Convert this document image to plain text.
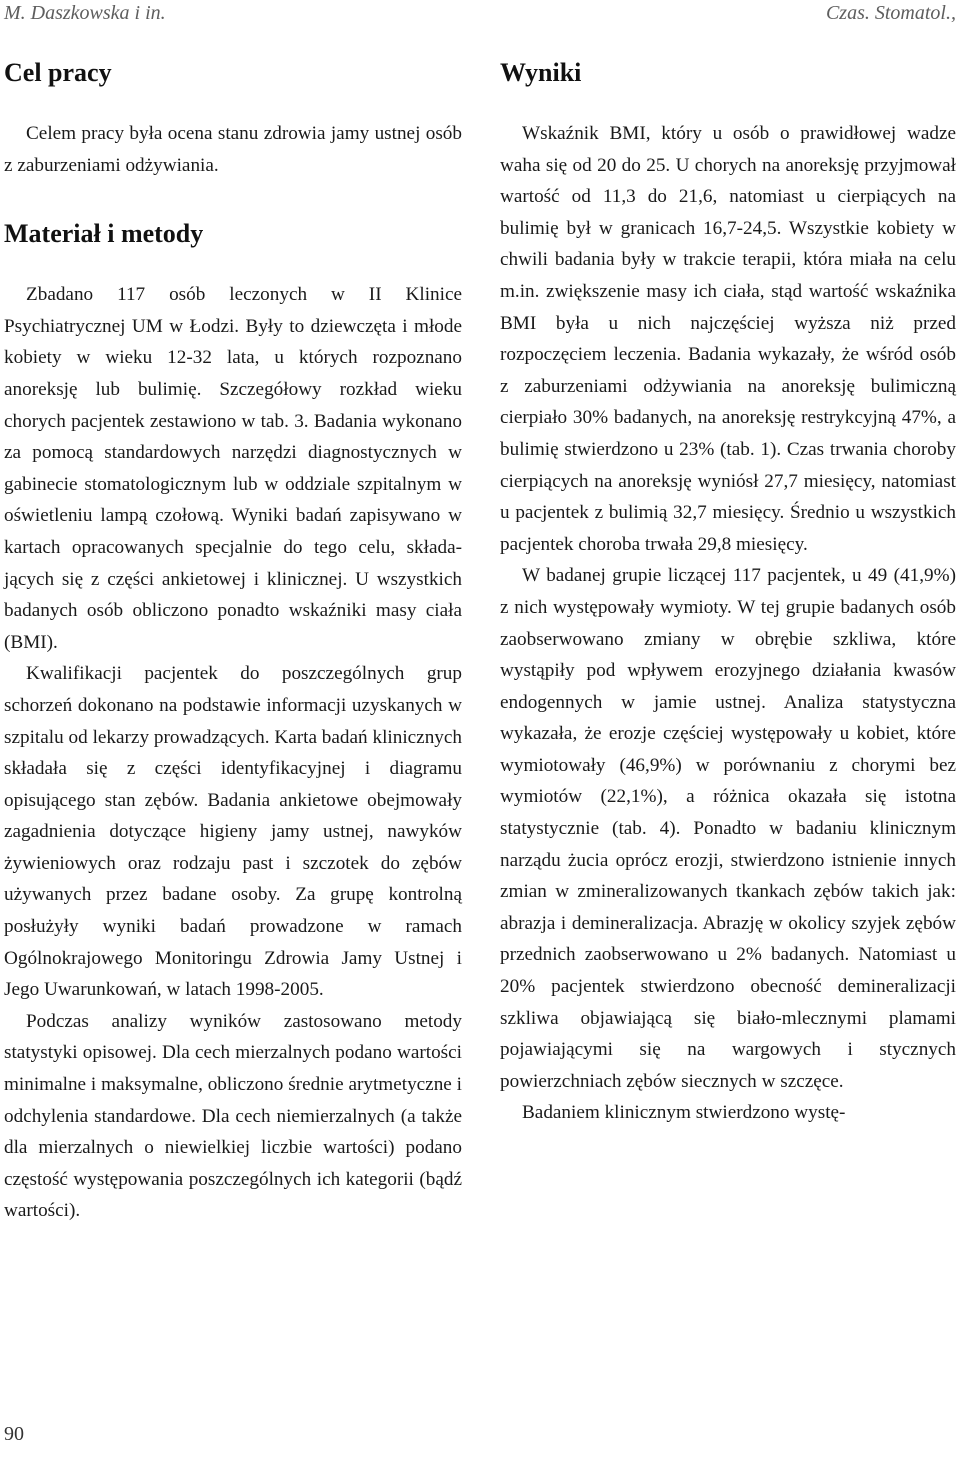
M. Daszkowska i in.	Czas. Stomatol.,
Cel pracy

Celem pracy była ocena stanu zdrowia jamy ustnej osób z zaburzeniami odżywiania.

Materiał i metody

Zbadano 117 osób leczonych w II Klinice Psychiatrycznej UM w Łodzi. Były to dziewczęta i młode kobiety w wieku 12-32 lata, u których rozpoznano anoreksję lub bulimię. Szczegółowy rozkład wieku chorych pacjentek zestawiono w tab. 3. Badania wykonano za pomocą standardowych narzędzi diagnostycznych w gabinecie stomatologicznym lub w oddziale szpitalnym w oświetleniu lampą czołową. Wyniki badań zapisywano w kartach opracowanych specjalnie do tego celu, składających się z części ankietowej i klinicznej. U wszystkich badanych osób obliczono ponadto wskaźniki masy ciała (BMI).

Kwalifikacji pacjentek do poszczególnych grup schorzeń dokonano na podstawie informacji uzyskanych w szpitalu od lekarzy prowadzących. Karta badań klinicznych składała się z części identyfikacyjnej i diagramu opisującego stan zębów. Badania ankietowe obejmowały zagadnienia dotyczące higieny jamy ustnej, nawyków żywieniowych oraz rodzaju past i szczotek do zębów używanych przez badane osoby. Za grupę kontrolną posłużyły wyniki badań prowadzone w ramach Ogólnokrajowego Monitoringu Zdrowia Jamy Ustnej i Jego Uwarunkowań, w latach 1998-2005.

Podczas analizy wyników zastosowano metody statystyki opisowej. Dla cech mierzalnych podano wartości minimalne i maksymalne, obliczono średnie arytmetyczne i odchylenia standardowe. Dla cech niemierzalnych (a także dla mierzalnych o niewielkiej liczbie wartości) podano częstość występowania poszczególnych ich kategorii (bądź wartości).

Wyniki

Wskaźnik BMI, który u osób o prawidłowej wadze waha się od 20 do 25. U chorych na anoreksję przyjmował wartość od 11,3 do 21,6, natomiast u cierpiących na bulimię był w granicach 16,7-24,5. Wszystkie kobiety w chwili badania były w trakcie terapii, która miała na celu m.in. zwiększenie masy ich ciała, stąd wartość wskaźnika BMI była u nich najczęściej wyższa niż przed rozpoczęciem leczenia. Badania wykazały, że wśród osób z zaburzeniami odżywiania na anoreksję bulimiczną cierpiało 30% badanych, na anoreksję restrykcyjną 47%, a bulimię stwierdzono u 23% (tab. 1). Czas trwania choroby cierpiących na anoreksję wyniósł 27,7 miesięcy, natomiast u pacjentek z bulimią 32,7 miesięcy. Średnio u wszystkich pacjentek choroba trwała 29,8 miesięcy.

W badanej grupie liczącej 117 pacjentek, u 49 (41,9%) z nich występowały wymioty. W tej grupie badanych osób zaobserwowano zmiany w obrębie szkliwa, które wystąpiły pod wpływem erozyjnego działania kwasów endogennych w jamie ustnej. Analiza statystyczna wykazała, że erozje częściej występowały u kobiet, które wymiotowały (46,9%) w porównaniu z chorymi bez wymiotów (22,1%), a różnica okazała się istotna statystycznie (tab. 4). Ponadto w badaniu klinicznym narządu żucia oprócz erozji, stwierdzono istnienie innych zmian w zmineralizowanych tkankach zębów takich jak: abrazja i demineralizacja. Abrazję w okolicy szyjek zębów przednich zaobserwowano u 2% badanych. Natomiast u 20% pacjentek stwierdzono obecność demineralizacji szkliwa objawiającą się biało-mlecznymi plamami pojawiającymi się na wargowych i stycznych powierzchniach zębów siecznych w szczęce.

Badaniem klinicznym stwierdzono wystę-

90
